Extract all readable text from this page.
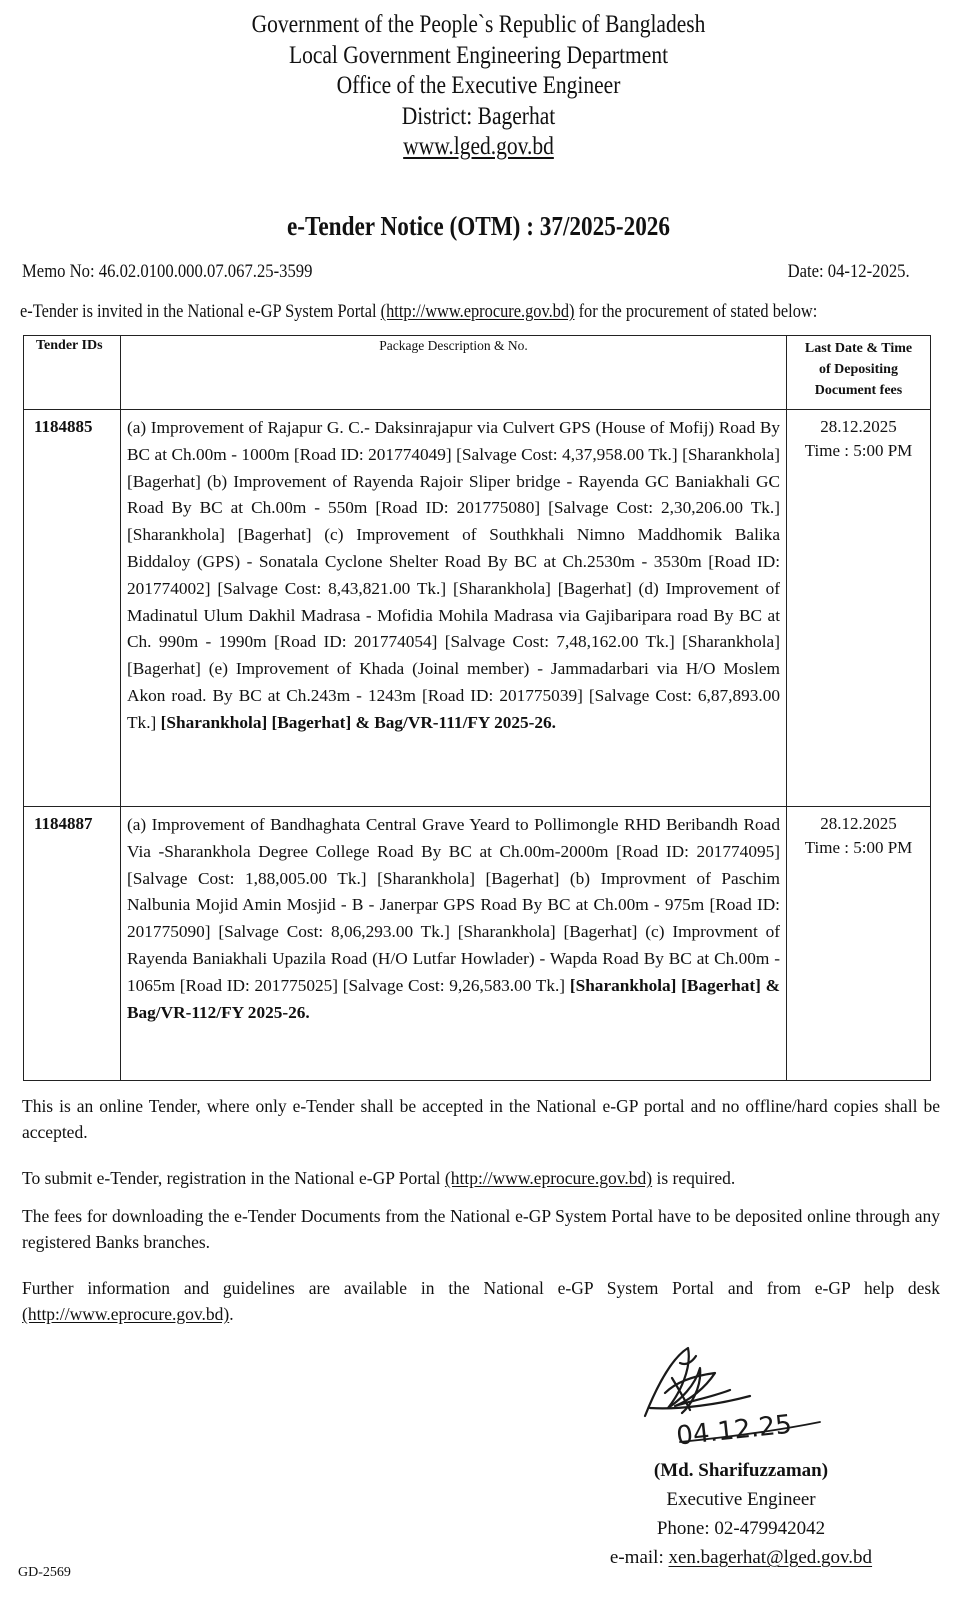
Government of the People`s Republic of Bangladesh
Local Government Engineering Department
Office of the Executive Engineer
District: Bagerhat
www.lged.gov.bd
e-Tender Notice (OTM) : 37/2025-2026
Memo No: 46.02.0100.000.07.067.25-3599	Date: 04-12-2025.
e-Tender is invited in the National e-GP System Portal (http://www.eprocure.gov.bd) for the procurement of stated below:
Tender IDs	Package Description & No.	Last Date & Time
of Depositing
Document fees

1184885	(a) Improvement of Rajapur G. C.- Daksinrajapur via Culvert GPS (House of Mofij) Road By BC at Ch.00m - 1000m [Road ID: 201774049] [Salvage Cost: 4,37,958.00 Tk.] [Sharankhola] [Bagerhat] (b) Improvement of Rayenda Rajoir Sliper bridge - Rayenda GC Baniakhali GC Road By BC at Ch.00m - 550m [Road ID: 201775080] [Salvage Cost: 2,30,206.00 Tk.] [Sharankhola] [Bagerhat] (c) Improvement of Southkhali Nimno Maddhomik Balika Biddaloy (GPS) - Sonatala Cyclone Shelter Road By BC at Ch.2530m - 3530m [Road ID: 201774002] [Salvage Cost: 8,43,821.00 Tk.] [Sharankhola] [Bagerhat] (d) Improvement of Madinatul Ulum Dakhil Madrasa - Mofidia Mohila Madrasa via Gajibaripara road By BC at Ch. 990m - 1990m [Road ID: 201774054] [Salvage Cost: 7,48,162.00 Tk.] [Sharankhola] [Bagerhat] (e) Improvement of Khada (Joinal member) - Jammadarbari via H/O Moslem Akon road. By BC at Ch.243m - 1243m [Road ID: 201775039] [Salvage Cost: 6,87,893.00 Tk.] [Sharankhola] [Bagerhat] & Bag/VR-111/FY 2025-26.	28.12.2025
Time : 5:00 PM

1184887	(a) Improvement of Bandhaghata Central Grave Yeard to Pollimongle RHD Beribandh Road Via -Sharankhola Degree College Road By BC at Ch.00m-2000m [Road ID: 201774095] [Salvage Cost: 1,88,005.00 Tk.] [Sharankhola] [Bagerhat] (b) Improvment of Paschim Nalbunia Mojid Amin Mosjid - B - Janerpar GPS Road By BC at Ch.00m - 975m [Road ID: 201775090] [Salvage Cost: 8,06,293.00 Tk.] [Sharankhola] [Bagerhat] (c) Improvment of Rayenda Baniakhali Upazila Road (H/O Lutfar Howlader) - Wapda Road By BC at Ch.00m - 1065m [Road ID: 201775025] [Salvage Cost: 9,26,583.00 Tk.] [Sharankhola] [Bagerhat] & Bag/VR-112/FY 2025-26.	28.12.2025
Time : 5:00 PM
This is an online Tender, where only e-Tender shall be accepted in the National e-GP portal and no offline/hard copies shall be accepted.
To submit e-Tender, registration in the National e-GP Portal (http://www.eprocure.gov.bd) is required.
The fees for downloading the e-Tender Documents from the National e-GP System Portal have to be deposited online through any registered Banks branches.
Further information and guidelines are available in the National e-GP System Portal and from e-GP help desk (http://www.eprocure.gov.bd).
04.12.25
(Md. Sharifuzzaman)
Executive Engineer
Phone: 02-479942042
e-mail: xen.bagerhat@lged.gov.bd
GD-2569
